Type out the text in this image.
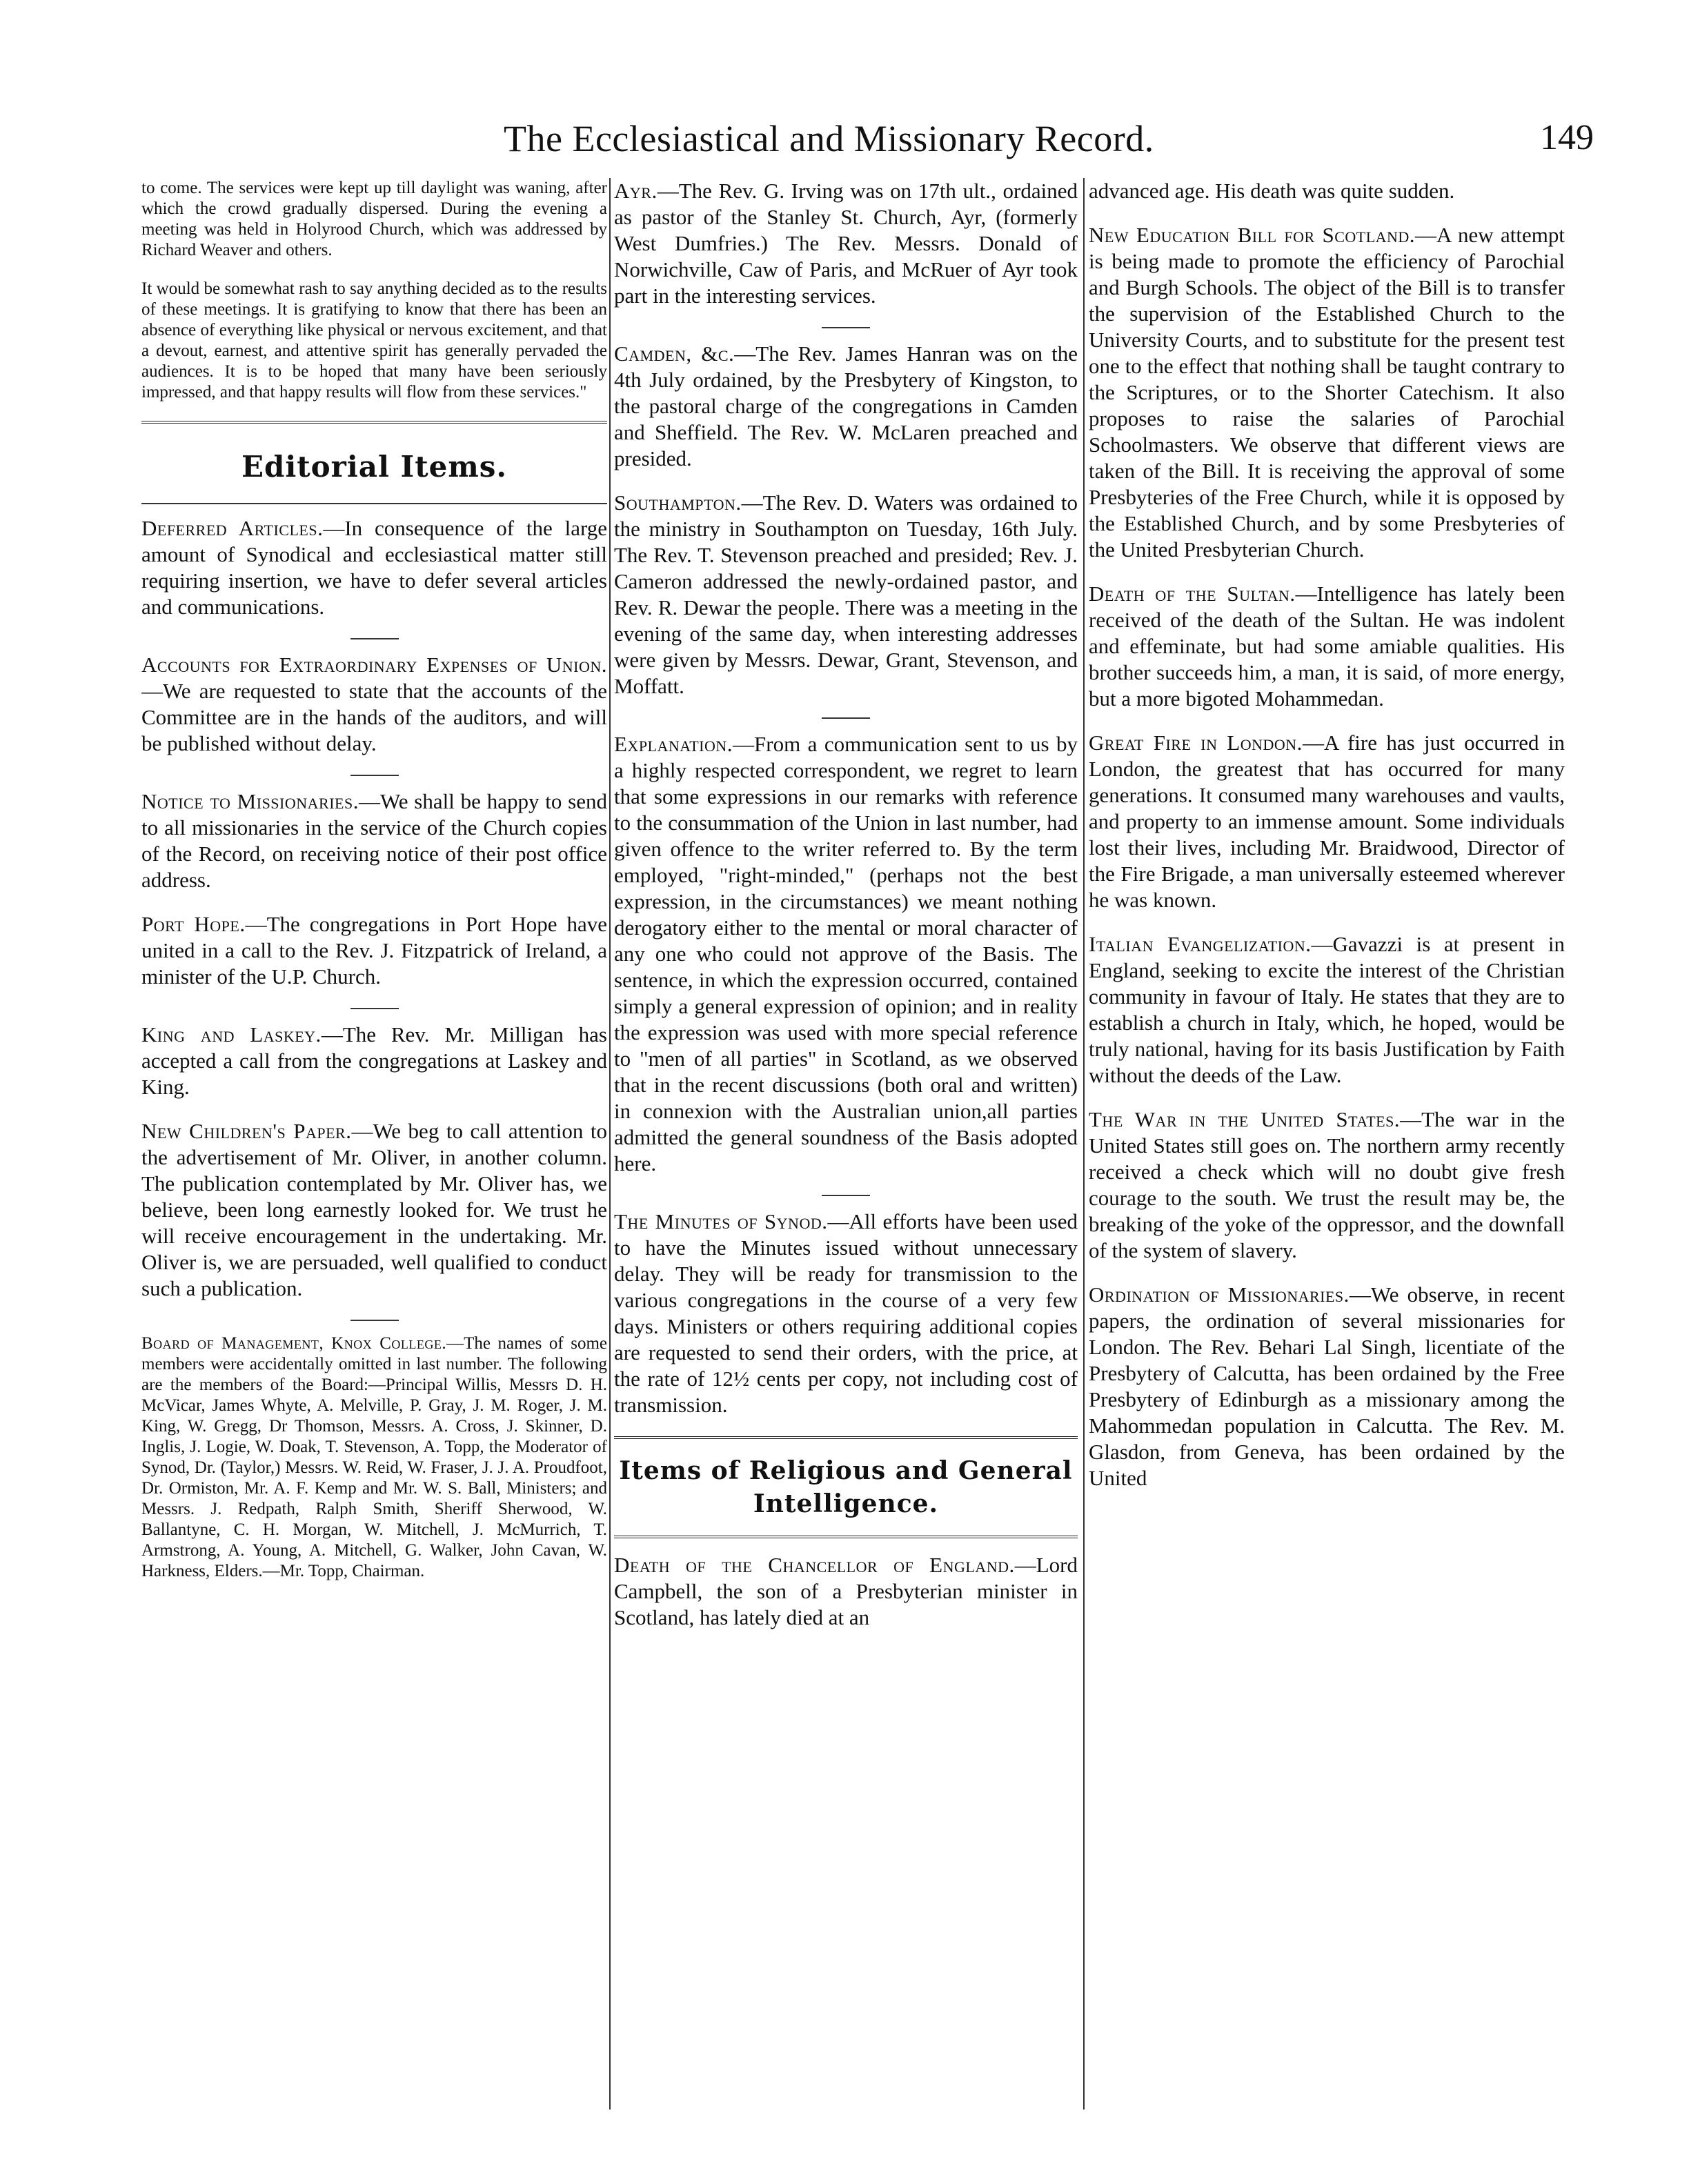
The Ecclesiastical and Missionary Record.	149

to come. The services were kept up till daylight was waning, after which the crowd gradually dispersed. During the evening a meeting was held in Holyrood Church, which was addressed by Richard Weaver and others.

It would be somewhat rash to say anything decided as to the results of these meetings. It is gratifying to know that there has been an absence of everything like physical or nervous excitement, and that a devout, earnest, and attentive spirit has generally pervaded the audiences. It is to be hoped that many have been seriously impressed, and that happy results will flow from these services."

Editorial Items.

Deferred Articles.—In consequence of the large amount of Synodical and ecclesiastical matter still requiring insertion, we have to defer several articles and communications.

Accounts for Extraordinary Expenses of Union.—We are requested to state that the accounts of the Committee are in the hands of the auditors, and will be published without delay.

Notice to Missionaries.—We shall be happy to send to all missionaries in the service of the Church copies of the Record, on receiving notice of their post office address.

Port Hope.—The congregations in Port Hope have united in a call to the Rev. J. Fitzpatrick of Ireland, a minister of the U.P. Church.

King and Laskey.—The Rev. Mr. Milligan has accepted a call from the congregations at Laskey and King.

New Children's Paper.—We beg to call attention to the advertisement of Mr. Oliver, in another column. The publication contemplated by Mr. Oliver has, we believe, been long earnestly looked for. We trust he will receive encouragement in the undertaking. Mr. Oliver is, we are persuaded, well qualified to conduct such a publication.

Board of Management, Knox College.—The names of some members were accidentally omitted in last number. The following are the members of the Board:—Principal Willis, Messrs D. H. McVicar, James Whyte, A. Melville, P. Gray, J. M. Roger, J. M. King, W. Gregg, Dr Thomson, Messrs. A. Cross, J. Skinner, D. Inglis, J. Logie, W. Doak, T. Stevenson, A. Topp, the Moderator of Synod, Dr. (Taylor,) Messrs. W. Reid, W. Fraser, J. J. A. Proudfoot, Dr. Ormiston, Mr. A. F. Kemp and Mr. W. S. Ball, Ministers; and Messrs. J. Redpath, Ralph Smith, Sheriff Sherwood, W. Ballantyne, C. H. Morgan, W. Mitchell, J. McMurrich, T. Armstrong, A. Young, A. Mitchell, G. Walker, John Cavan, W. Harkness, Elders.—Mr. Topp, Chairman.

Ayr.—The Rev. G. Irving was on 17th ult., ordained as pastor of the Stanley St. Church, Ayr, (formerly West Dumfries.) The Rev. Messrs. Donald of Norwichville, Caw of Paris, and McRuer of Ayr took part in the interesting services.

Camden, &c.—The Rev. James Hanran was on the 4th July ordained, by the Presbytery of Kingston, to the pastoral charge of the congregations in Camden and Sheffield. The Rev. W. McLaren preached and presided.

Southampton.—The Rev. D. Waters was ordained to the ministry in Southampton on Tuesday, 16th July. The Rev. T. Stevenson preached and presided; Rev. J. Cameron addressed the newly-ordained pastor, and Rev. R. Dewar the people. There was a meeting in the evening of the same day, when interesting addresses were given by Messrs. Dewar, Grant, Stevenson, and Moffatt.

Explanation.—From a communication sent to us by a highly respected correspondent, we regret to learn that some expressions in our remarks with reference to the consummation of the Union in last number, had given offence to the writer referred to. By the term employed, "right-minded," (perhaps not the best expression, in the circumstances) we meant nothing derogatory either to the mental or moral character of any one who could not approve of the Basis. The sentence, in which the expression occurred, contained simply a general expression of opinion; and in reality the expression was used with more special reference to "men of all parties" in Scotland, as we observed that in the recent discussions (both oral and written) in connexion with the Australian union,all parties admitted the general soundness of the Basis adopted here.

The Minutes of Synod.—All efforts have been used to have the Minutes issued without unnecessary delay. They will be ready for transmission to the various congregations in the course of a very few days. Ministers or others requiring additional copies are requested to send their orders, with the price, at the rate of 12½ cents per copy, not including cost of transmission.

Items of Religious and General Intelligence.

Death of the Chancellor of England.—Lord Campbell, the son of a Presbyterian minister in Scotland, has lately died at an

advanced age. His death was quite sudden.

New Education Bill for Scotland.—A new attempt is being made to promote the efficiency of Parochial and Burgh Schools. The object of the Bill is to transfer the supervision of the Established Church to the University Courts, and to substitute for the present test one to the effect that nothing shall be taught contrary to the Scriptures, or to the Shorter Catechism. It also proposes to raise the salaries of Parochial Schoolmasters. We observe that different views are taken of the Bill. It is receiving the approval of some Presbyteries of the Free Church, while it is opposed by the Established Church, and by some Presbyteries of the United Presbyterian Church.

Death of the Sultan.—Intelligence has lately been received of the death of the Sultan. He was indolent and effeminate, but had some amiable qualities. His brother succeeds him, a man, it is said, of more energy, but a more bigoted Mohammedan.

Great Fire in London.—A fire has just occurred in London, the greatest that has occurred for many generations. It consumed many warehouses and vaults, and property to an immense amount. Some individuals lost their lives, including Mr. Braidwood, Director of the Fire Brigade, a man universally esteemed wherever he was known.

Italian Evangelization.—Gavazzi is at present in England, seeking to excite the interest of the Christian community in favour of Italy. He states that they are to establish a church in Italy, which, he hoped, would be truly national, having for its basis Justification by Faith without the deeds of the Law.

The War in the United States.—The war in the United States still goes on. The northern army recently received a check which will no doubt give fresh courage to the south. We trust the result may be, the breaking of the yoke of the oppressor, and the downfall of the system of slavery.

Ordination of Missionaries.—We observe, in recent papers, the ordination of several missionaries for London. The Rev. Behari Lal Singh, licentiate of the Presbytery of Calcutta, has been ordained by the Free Presbytery of Edinburgh as a missionary among the Mahommedan population in Calcutta. The Rev. M. Glasdon, from Geneva, has been ordained by the United
